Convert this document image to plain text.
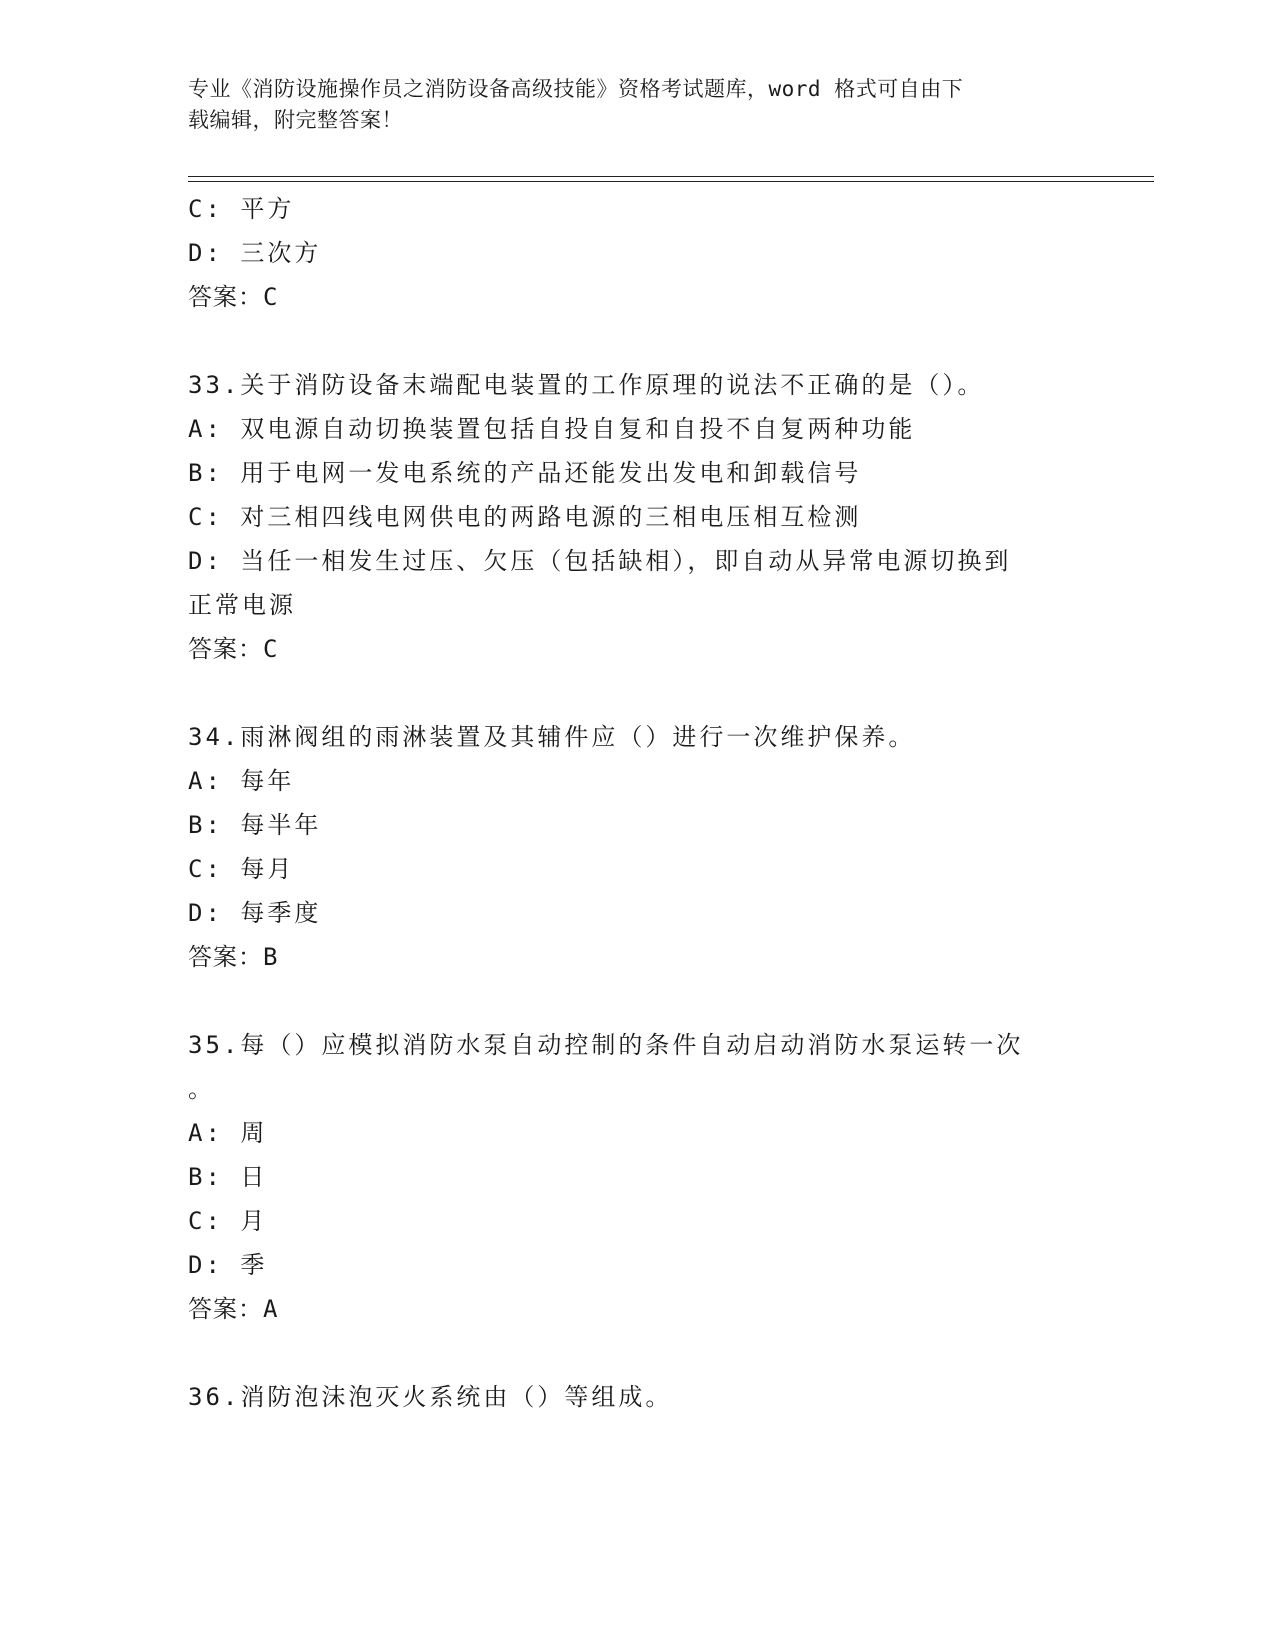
专业《消防设施操作员之消防设备高级技能》资格考试题库，word 格式可自由下
载编辑，附完整答案！
C: 平方
D: 三次方
答案：C
33.关于消防设备末端配电装置的工作原理的说法不正确的是（）。
A: 双电源自动切换装置包括自投自复和自投不自复两种功能
B: 用于电网一发电系统的产品还能发出发电和卸载信号
C: 对三相四线电网供电的两路电源的三相电压相互检测
D: 当任一相发生过压、欠压（包括缺相），即自动从异常电源切换到
正常电源
答案：C
34.雨淋阀组的雨淋装置及其辅件应（）进行一次维护保养。
A: 每年
B: 每半年
C: 每月
D: 每季度
答案：B
35.每（）应模拟消防水泵自动控制的条件自动启动消防水泵运转一次
。
A: 周
B: 日
C: 月
D: 季
答案：A
36.消防泡沫泡灭火系统由（）等组成。
